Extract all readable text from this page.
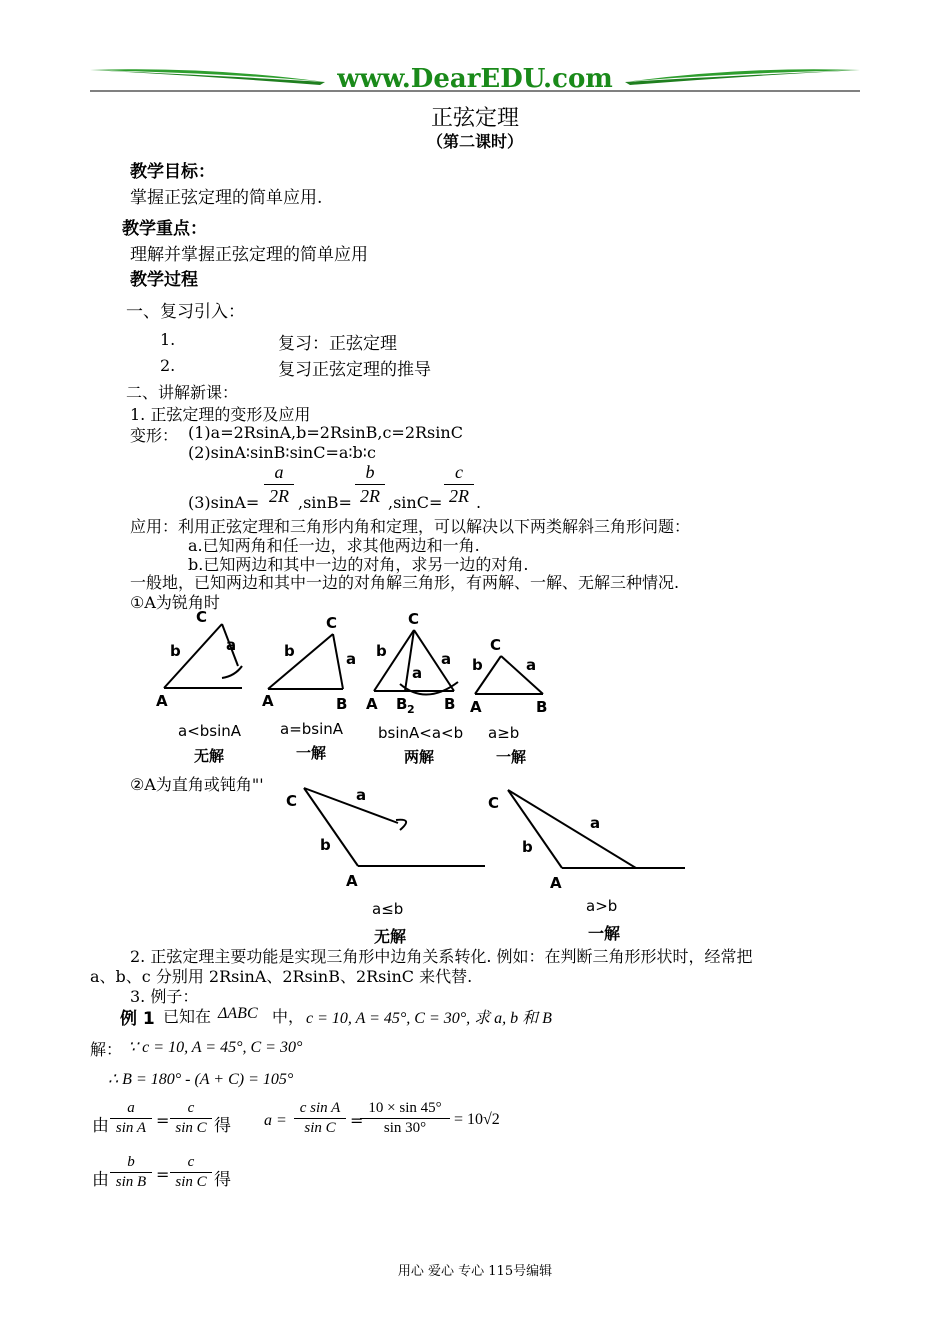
www.DearEDU.com
正弦定理
（第二课时）
教学目标：
掌握正弦定理的简单应用.
教学重点：
理解并掌握正弦定理的简单应用
教学过程
一、复习引入：
1.	复习：正弦定理
2.	复习正弦定理的推导
二、讲解新课：
1. 正弦定理的变形及应用
变形： (1)a=2RsinA,b=2RsinB,c=2RsinC
(2)sinA∶sinB∶sinC=a∶b∶c
(3)sinA=
a
2R ,sinB=
b
2R ,sinC=
c
2R .
应用：利用正弦定理和三角形内角和定理，可以解决以下两类解斜三角形问题：
a.已知两角和任一边，求其他两边和一角.
b.已知两边和其中一边的对角，求另一边的对角.
一般地，已知两边和其中一边的对角解三角形，有两解、一解、无解三种情况.
①A为锐角时
C
b	a
A
C
b	a
A	B
C
b	a
a
A B 2 B
C
b	a
A	B
a<bsinA	a=bsinA bsinA<a<b a≥b
无解	一解	两解	一解
②A为直角或钝角"'
C	a
b
A
C
a
b
A
a≤b	a>b
无解	一解
2. 正弦定理主要功能是实现三角形中边角关系转化. 例如：在判断三角形形状时，经常把
a、b、c 分别用 2RsinA、2RsinB、2RsinC 来代替.
3. 例子：
例 1 已知在 ΔABC 中， c = 10, A = 45°, C = 30°, 求 a, b 和 B
解： ∵ c = 10, A = 45°, C = 30°
∴ B = 180° - (A + C) = 105°
由
a
sin A =
c
sin C 得 a =
c sin A
sin C =
10 × sin 45°
sin 30°	= 10√2
由
b
sin B =
c
sin C 得
用心 爱心 专心 115号编辑
